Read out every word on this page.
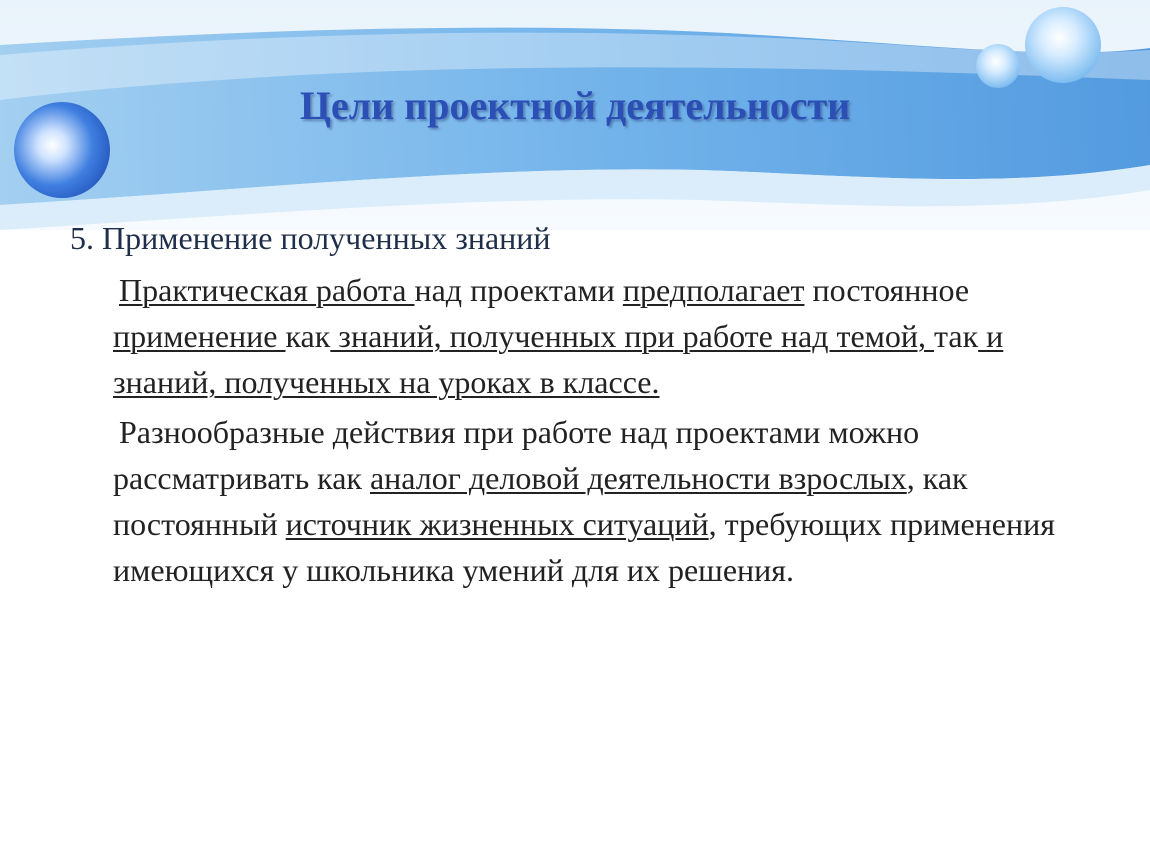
Цели проектной деятельности

5. Применение полученных знаний

Практическая работа над проектами предполагает постоянное применение как знаний, полученных при работе над темой, так и знаний, полученных на уроках в классе.

Разнообразные действия при работе над проектами можно рассматривать как аналог деловой деятельности взрослых, как постоянный источник жизненных ситуаций, требующих применения имеющихся у школьника умений для их решения.
